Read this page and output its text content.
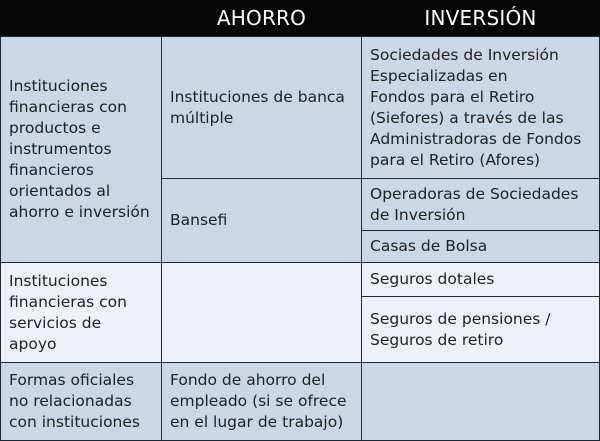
AHORRO	INVERSIÓN
Instituciones
financieras con
productos e
instrumentos
financieros
orientados al
ahorro e inversión
Instituciones de banca
múltiple
Bansefi
Sociedades de Inversión
Especializadas en
Fondos para el Retiro
(Siefores) a través de las
Administradoras de Fondos
para el Retiro (Afores)
Operadoras de Sociedades
de Inversión
Casas de Bolsa
Instituciones
financieras con
servicios de
apoyo
Seguros dotales
Seguros de pensiones /
Seguros de retiro
Formas oficiales
no relacionadas
con instituciones
Fondo de ahorro del
empleado (si se ofrece
en el lugar de trabajo)
